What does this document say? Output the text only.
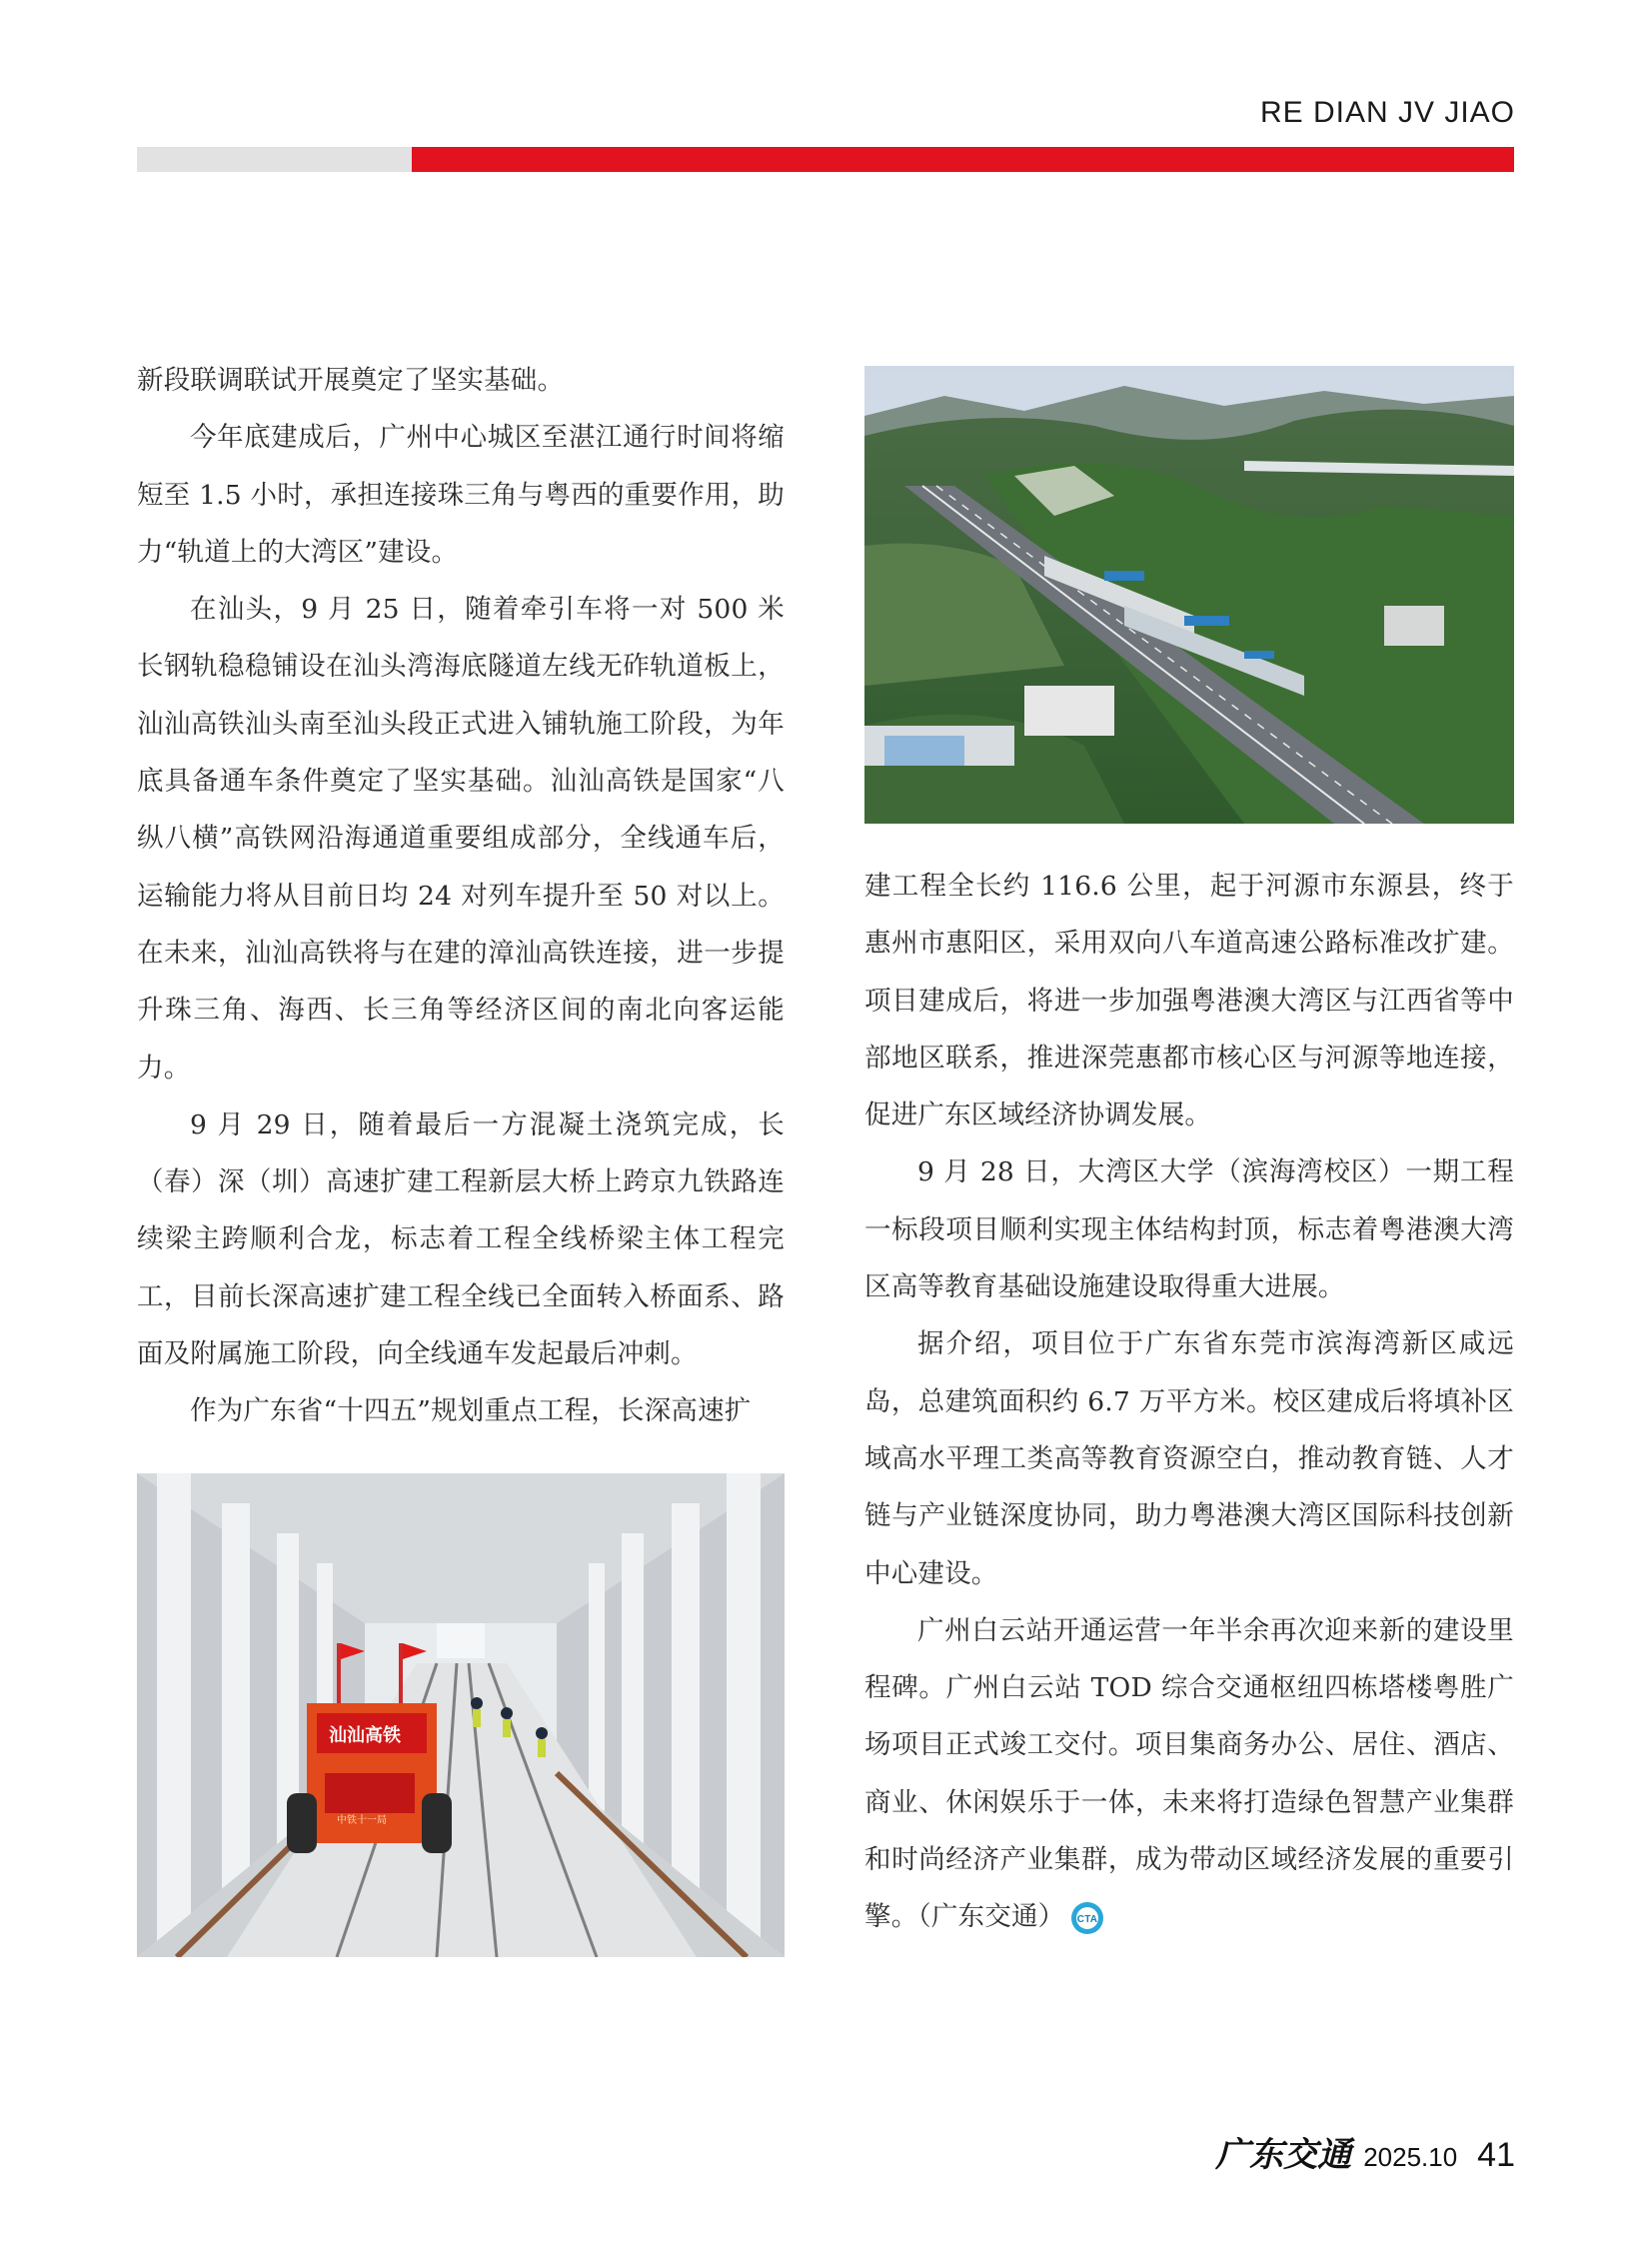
RE DIAN JV JIAO

新段联调联试开展奠定了坚实基础。

今年底建成后，广州中心城区至湛江通行时间将缩短至 1.5 小时，承担连接珠三角与粤西的重要作用，助力“轨道上的大湾区”建设。

在汕头，9 月 25 日，随着牵引车将一对 500 米长钢轨稳稳铺设在汕头湾海底隧道左线无砟轨道板上，汕汕高铁汕头南至汕头段正式进入铺轨施工阶段，为年底具备通车条件奠定了坚实基础。汕汕高铁是国家“八纵八横”高铁网沿海通道重要组成部分，全线通车后，运输能力将从目前日均 24 对列车提升至 50 对以上。在未来，汕汕高铁将与在建的漳汕高铁连接，进一步提升珠三角、海西、长三角等经济区间的南北向客运能力。

9 月 29 日，随着最后一方混凝土浇筑完成，长（春）深（圳）高速扩建工程新层大桥上跨京九铁路连续梁主跨顺利合龙，标志着工程全线桥梁主体工程完工，目前长深高速扩建工程全线已全面转入桥面系、路面及附属施工阶段，向全线通车发起最后冲刺。

作为广东省“十四五”规划重点工程，长深高速扩

汕汕高铁
中铁十一局

建工程全长约 116.6 公里，起于河源市东源县，终于惠州市惠阳区，采用双向八车道高速公路标准改扩建。项目建成后，将进一步加强粤港澳大湾区与江西省等中部地区联系，推进深莞惠都市核心区与河源等地连接，促进广东区域经济协调发展。

9 月 28 日，大湾区大学（滨海湾校区）一期工程一标段项目顺利实现主体结构封顶，标志着粤港澳大湾区高等教育基础设施建设取得重大进展。

据介绍，项目位于广东省东莞市滨海湾新区咸远岛，总建筑面积约 6.7 万平方米。校区建成后将填补区域高水平理工类高等教育资源空白，推动教育链、人才链与产业链深度协同，助力粤港澳大湾区国际科技创新中心建设。

广州白云站开通运营一年半余再次迎来新的建设里程碑。广州白云站 TOD 综合交通枢纽四栋塔楼粤胜广场项目正式竣工交付。项目集商务办公、居住、酒店、商业、休闲娱乐于一体，未来将打造绿色智慧产业集群和时尚经济产业集群，成为带动区域经济发展的重要引擎。（广东交通） CTA

广东交通 2025.10 41
